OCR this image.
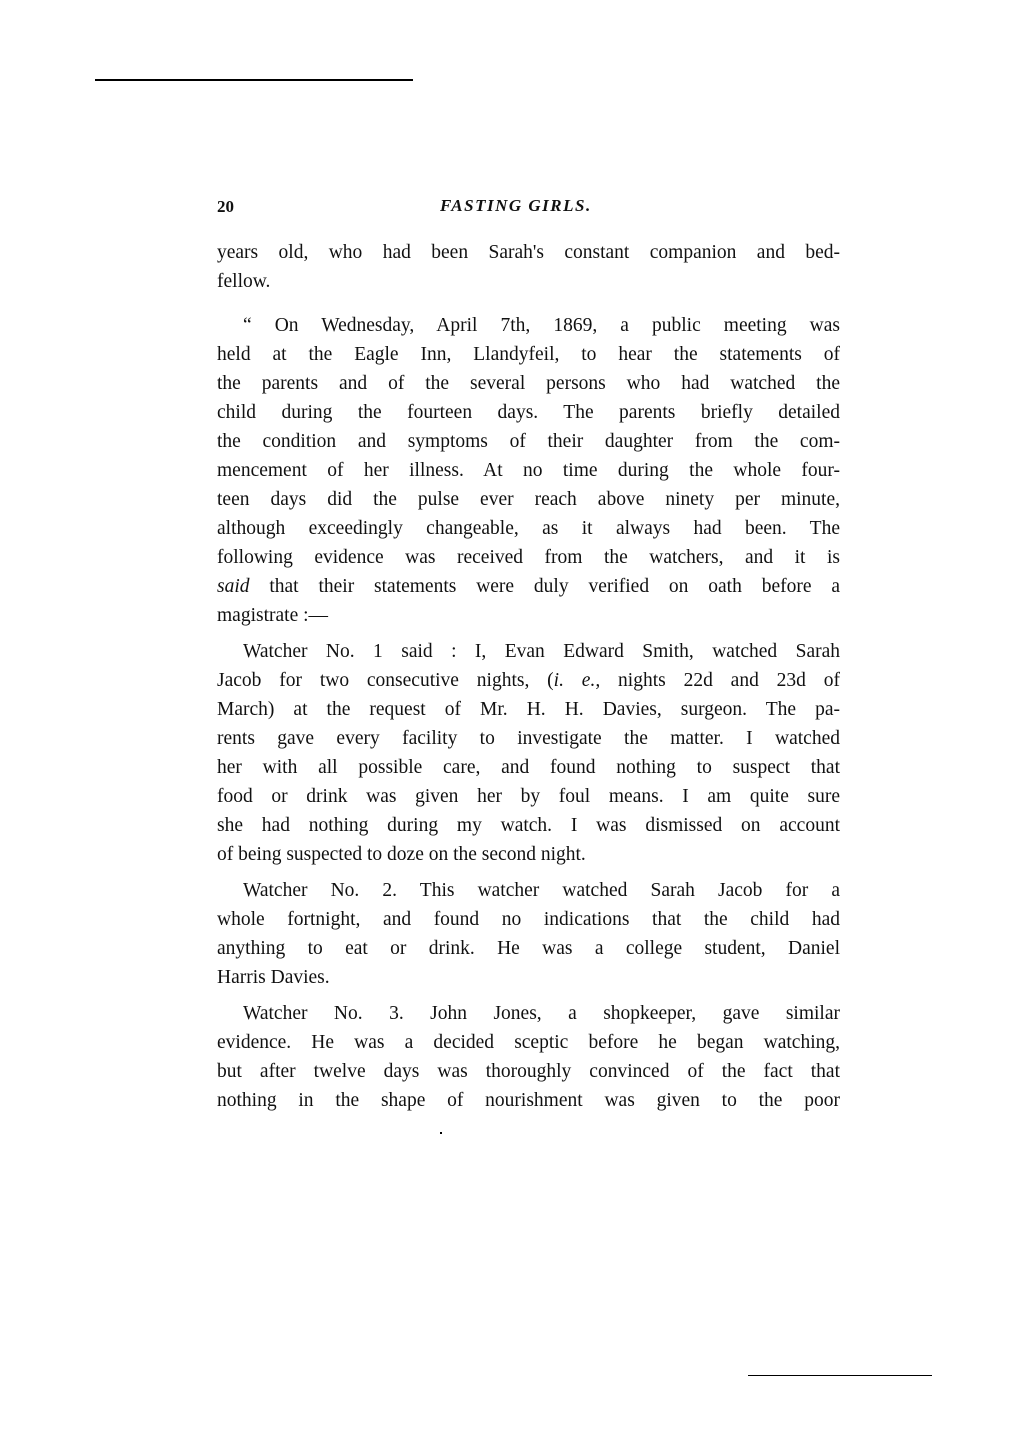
20	FASTING GIRLS.
years old, who had been Sarah's constant companion and bed-
fellow.
“ On Wednesday, April 7th, 1869, a public meeting was
held at the Eagle Inn, Llandyfeil, to hear the statements of
the parents and of the several persons who had watched the
child during the fourteen days. The parents briefly detailed
the condition and symptoms of their daughter from the com-
mencement of her illness. At no time during the whole four-
teen days did the pulse ever reach above ninety per minute,
although exceedingly changeable, as it always had been. The
following evidence was received from the watchers, and it is
said that their statements were duly verified on oath before a
magistrate :—
Watcher No. 1 said : I, Evan Edward Smith, watched Sarah
Jacob for two consecutive nights, (i. e., nights 22d and 23d of
March) at the request of Mr. H. H. Davies, surgeon. The pa-
rents gave every facility to investigate the matter. I watched
her with all possible care, and found nothing to suspect that
food or drink was given her by foul means. I am quite sure
she had nothing during my watch. I was dismissed on account
of being suspected to doze on the second night.
Watcher No. 2. This watcher watched Sarah Jacob for a
whole fortnight, and found no indications that the child had
anything to eat or drink. He was a college student, Daniel
Harris Davies.
Watcher No. 3. John Jones, a shopkeeper, gave similar
evidence. He was a decided sceptic before he began watching,
but after twelve days was thoroughly convinced of the fact that
nothing in the shape of nourishment was given to the poor
